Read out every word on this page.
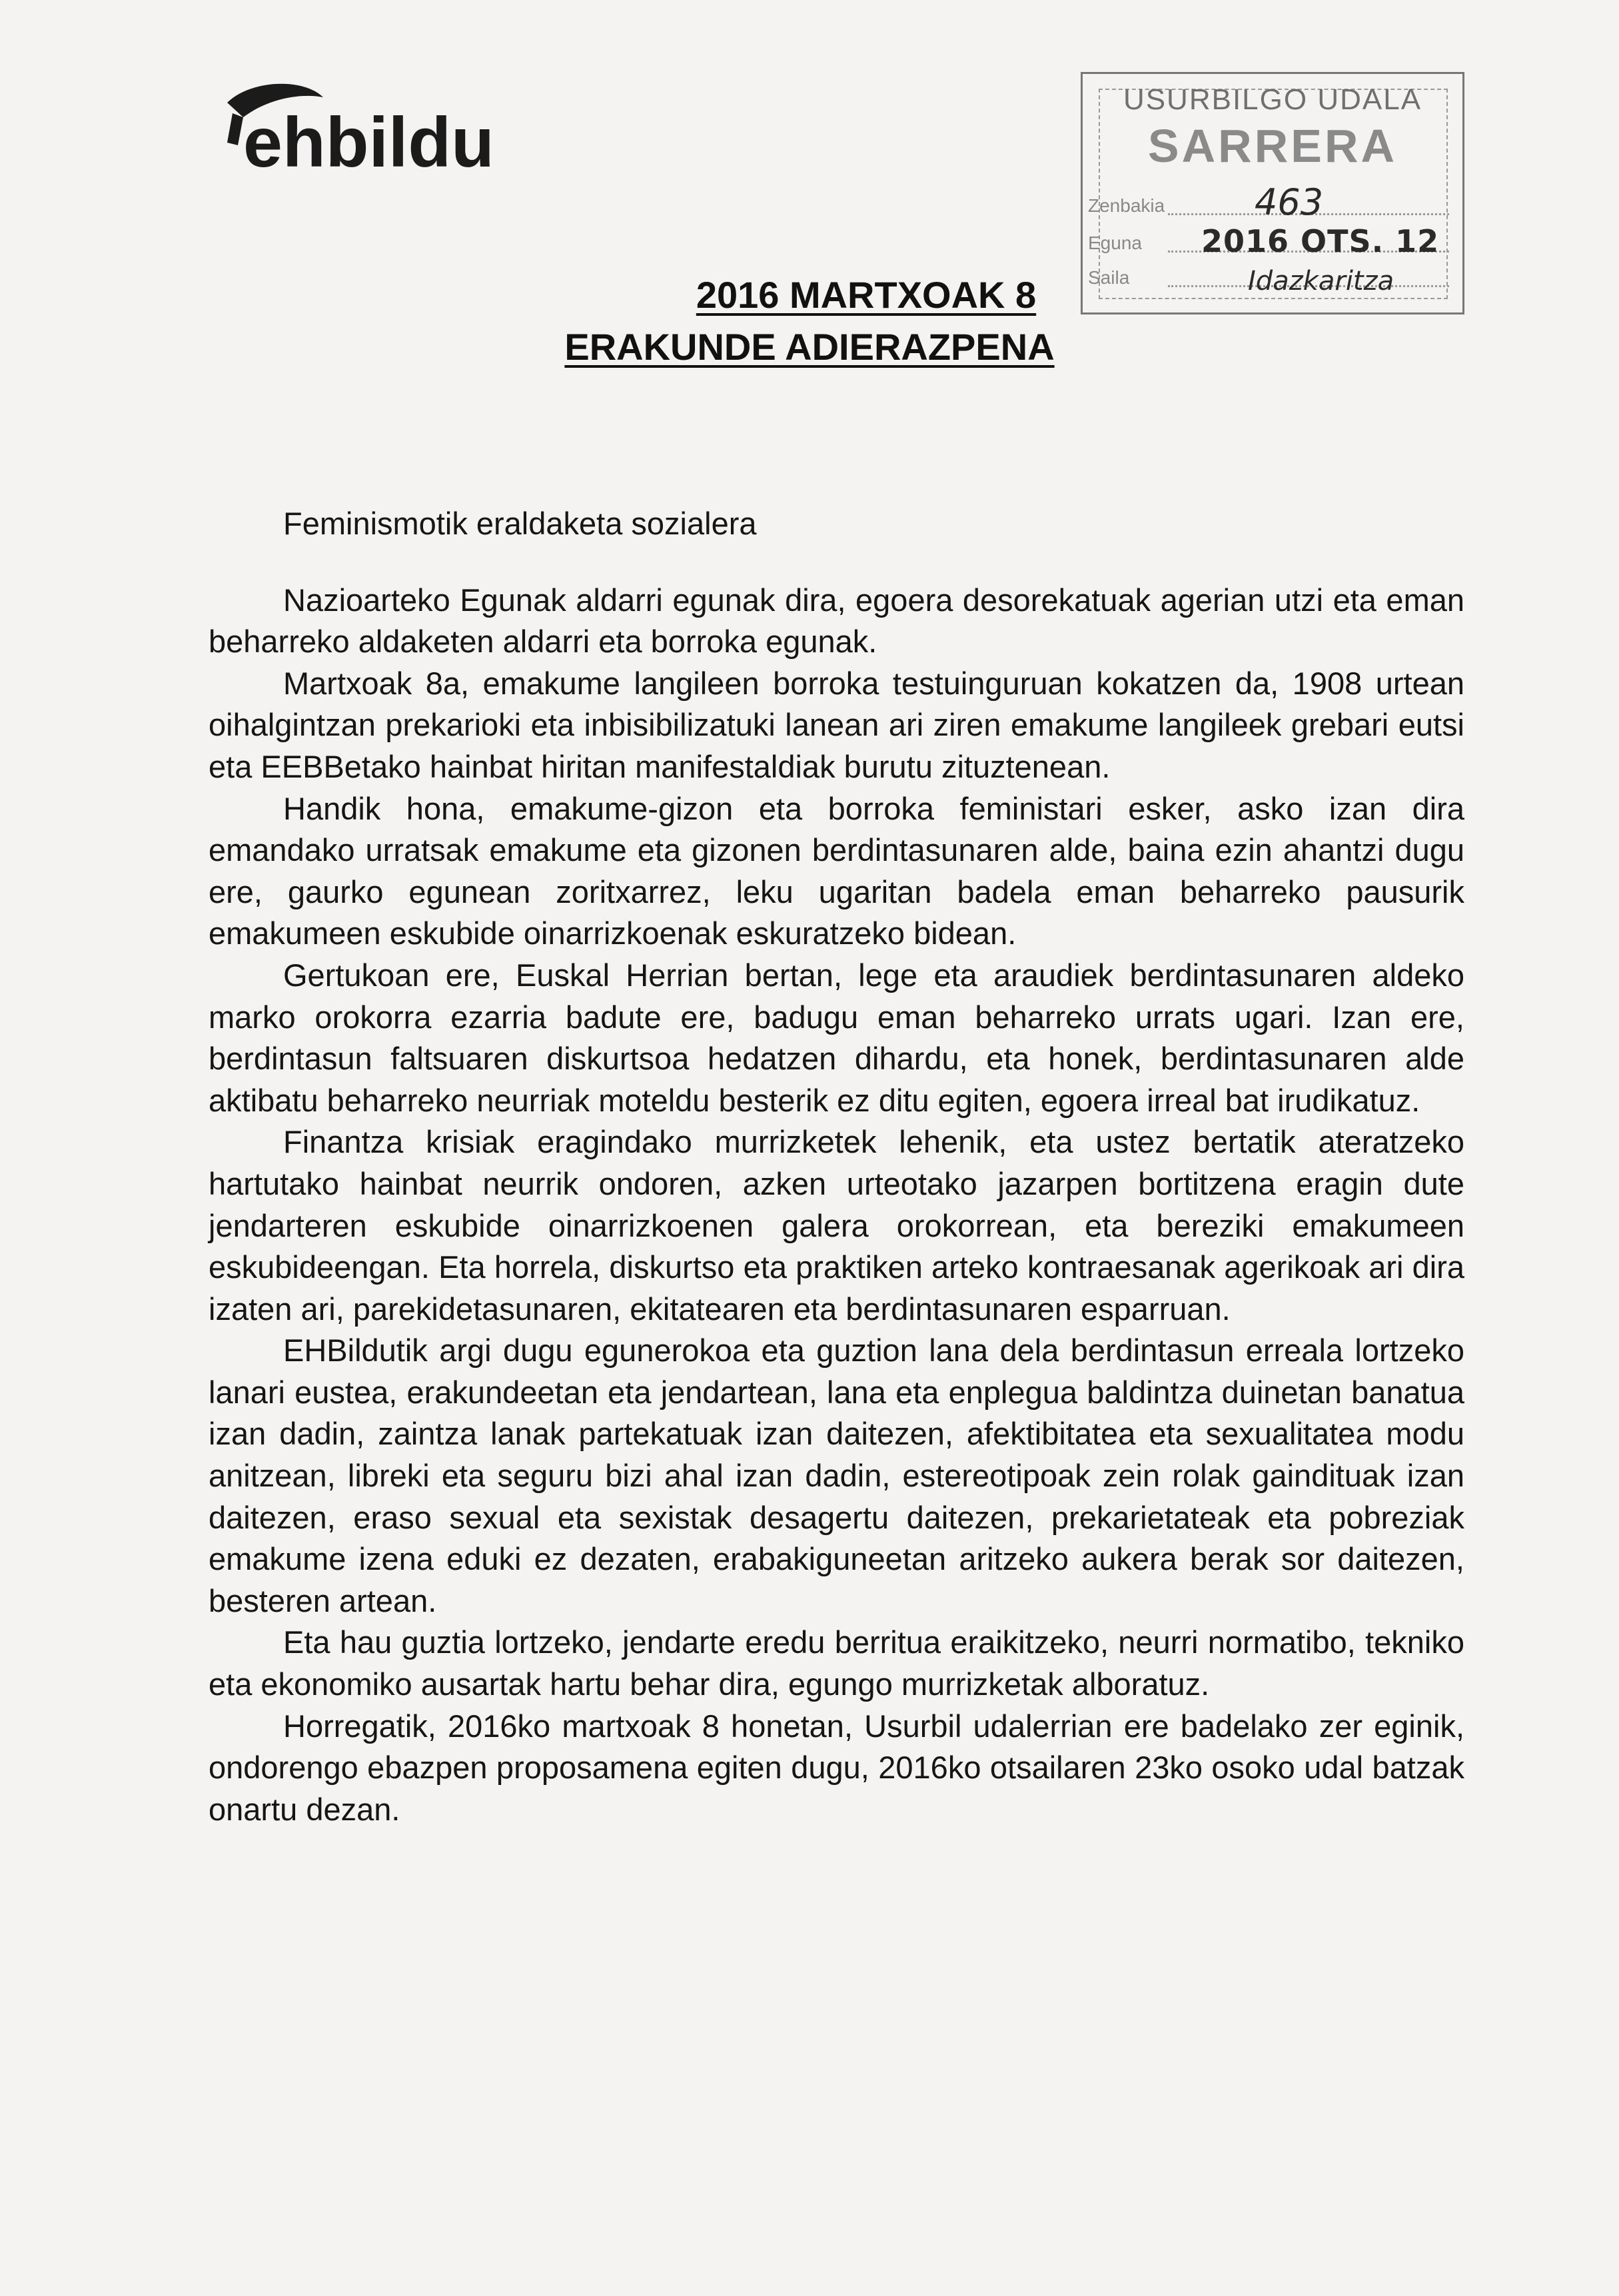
ehbildu
USURBILGO UDALA
SARRERA
Zenbakia 463
Eguna 2016 OTS. 12
Saila	Idazkaritza
2016 MARTXOAK 8
ERAKUNDE ADIERAZPENA

Feminismotik eraldaketa sozialera

Nazioarteko Egunak aldarri egunak dira, egoera desorekatuak agerian utzi eta eman beharreko aldaketen aldarri eta borroka egunak.

Martxoak 8a, emakume langileen borroka testuinguruan kokatzen da, 1908 urtean oihalgintzan prekarioki eta inbisibilizatuki lanean ari ziren emakume langileek grebari eutsi eta EEBBetako hainbat hiritan manifestaldiak burutu zituztenean.

Handik hona, emakume-gizon eta borroka feministari esker, asko izan dira emandako urratsak emakume eta gizonen berdintasunaren alde, baina ezin ahantzi dugu ere, gaurko egunean zoritxarrez, leku ugaritan badela eman beharreko pausurik emakumeen eskubide oinarrizkoenak eskuratzeko bidean.

Gertukoan ere, Euskal Herrian bertan, lege eta araudiek berdintasunaren aldeko marko orokorra ezarria badute ere, badugu eman beharreko urrats ugari. Izan ere, berdintasun faltsuaren diskurtsoa hedatzen dihardu, eta honek, berdintasunaren alde aktibatu beharreko neurriak moteldu besterik ez ditu egiten, egoera irreal bat irudikatuz.

Finantza krisiak eragindako murrizketek lehenik, eta ustez bertatik ateratzeko hartutako hainbat neurrik ondoren, azken urteotako jazarpen bortitzena eragin dute jendarteren eskubide oinarrizkoenen galera orokorrean, eta bereziki emakumeen eskubideengan. Eta horrela, diskurtso eta praktiken arteko kontraesanak agerikoak ari dira izaten ari, parekidetasunaren, ekitatearen eta berdintasunaren esparruan.

EHBildutik argi dugu egunerokoa eta guztion lana dela berdintasun erreala lortzeko lanari eustea, erakundeetan eta jendartean, lana eta enplegua baldintza duinetan banatua izan dadin, zaintza lanak partekatuak izan daitezen, afektibitatea eta sexualitatea modu anitzean, libreki eta seguru bizi ahal izan dadin, estereotipoak zein rolak gaindituak izan daitezen, eraso sexual eta sexistak desagertu daitezen, prekarietateak eta pobreziak emakume izena eduki ez dezaten, erabakiguneetan aritzeko aukera berak sor daitezen, besteren artean.

Eta hau guztia lortzeko, jendarte eredu berritua eraikitzeko, neurri normatibo, tekniko eta ekonomiko ausartak hartu behar dira, egungo murrizketak alboratuz.

Horregatik, 2016ko martxoak 8 honetan, Usurbil udalerrian ere badelako zer eginik, ondorengo ebazpen proposamena egiten dugu, 2016ko otsailaren 23ko osoko udal batzak onartu dezan.
